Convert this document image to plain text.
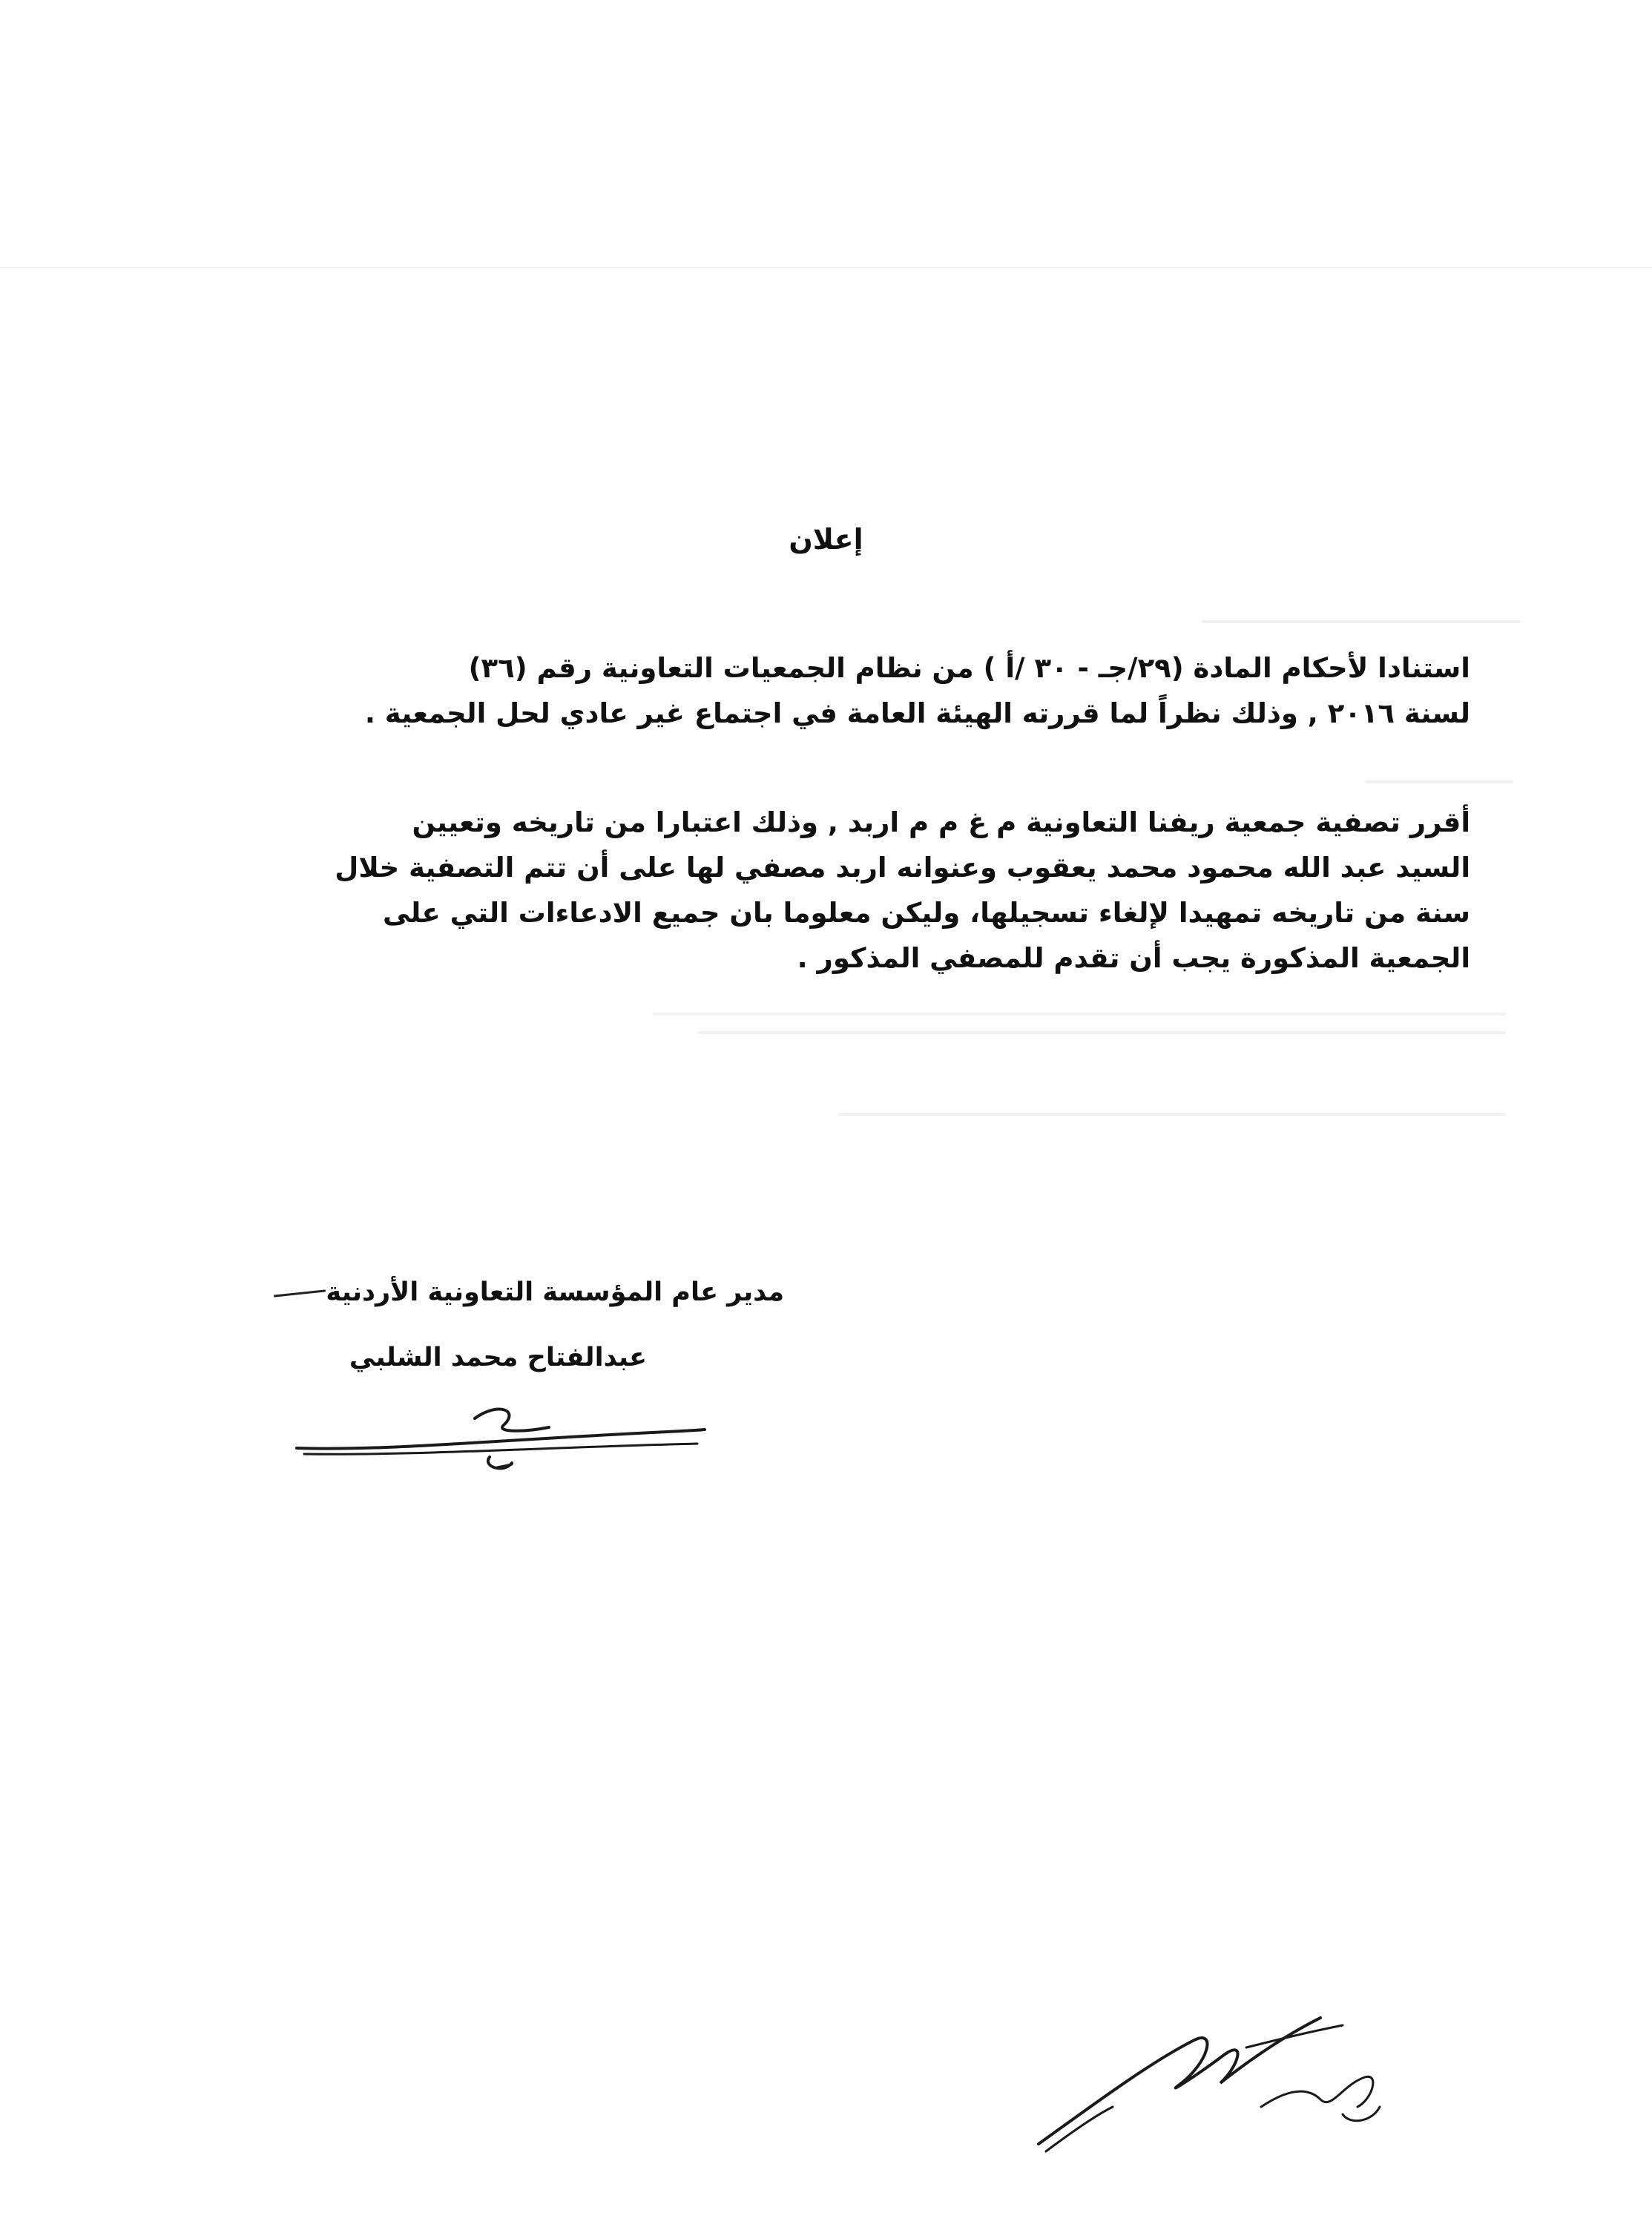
إعلان
استنادا لأحكام المادة (٢٩/جـ - ٣٠ /أ ) من نظام الجمعيات التعاونية رقم (٣٦)
لسنة ٢٠١٦ , وذلك نظراً لما قررته الهيئة العامة في اجتماع غير عادي لحل الجمعية .
أقرر تصفية جمعية ريفنا التعاونية م غ م م اربد , وذلك اعتبارا من تاريخه وتعيين
السيد عبد الله محمود محمد يعقوب وعنوانه اربد مصفي لها على أن تتم التصفية خلال
سنة من تاريخه تمهيدا لإلغاء تسجيلها، وليكن معلوما بان جميع الادعاءات التي على
الجمعية المذكورة يجب أن تقدم للمصفي المذكور .
مدير عام المؤسسة التعاونية الأردنية
عبدالفتاح محمد الشلبي
